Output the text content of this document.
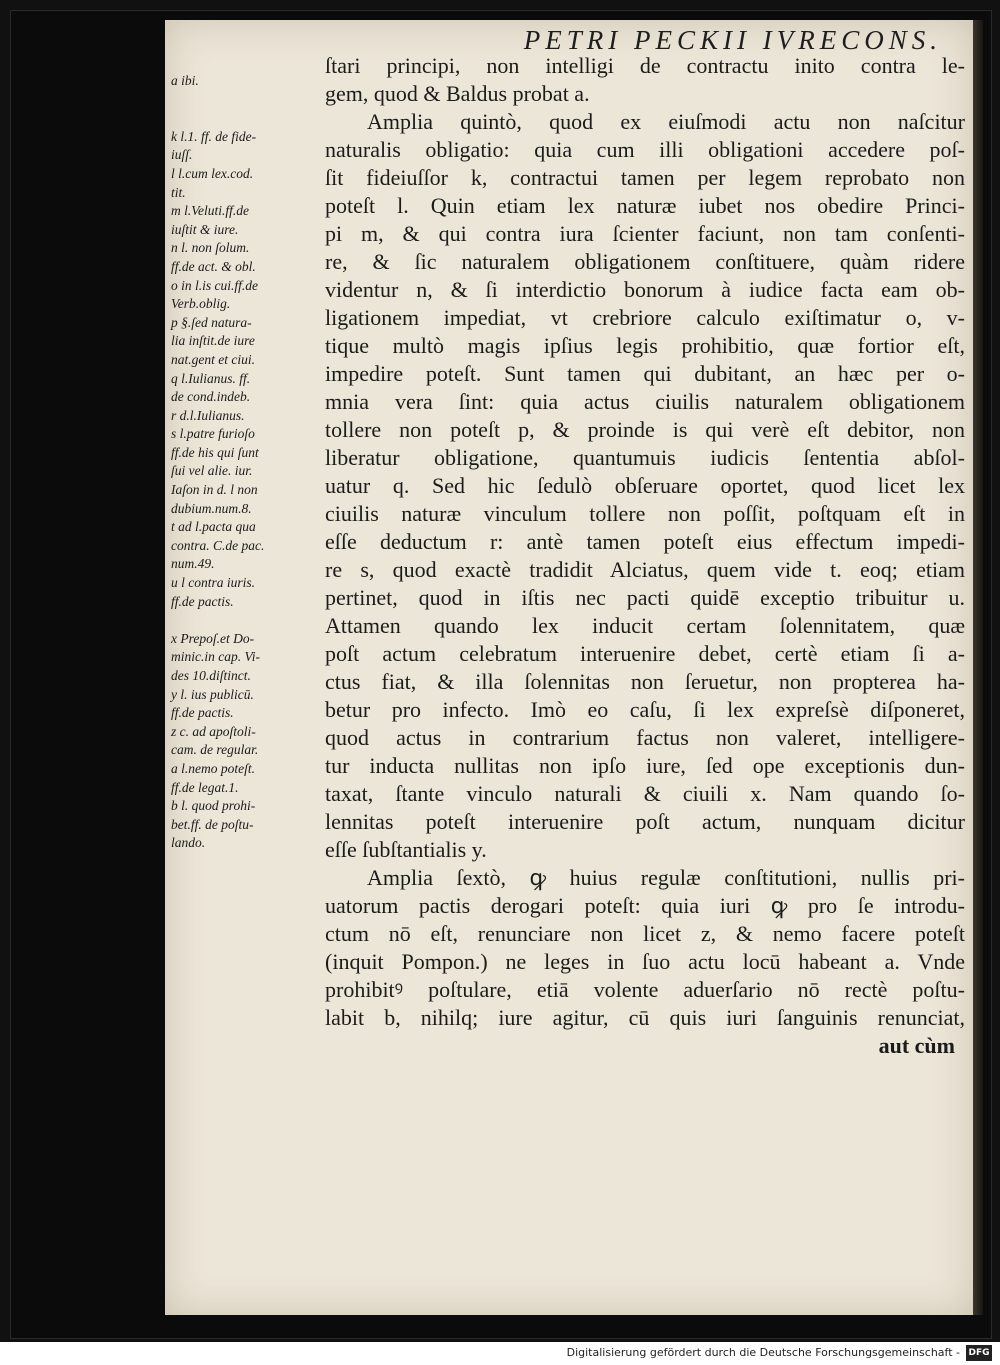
PETRI PECKII IVRECONS.
a ibi.
k l.1. ff. de fide-
iuſſ.
l l.cum lex.cod.
tit.
m l.Veluti.ff.de
iuſtit & iure.
n l. non ſolum.
ff.de act. & obl.
o in l.is cui.ff.de
Verb.oblig.
p §.ſed natura-
lia inſtit.de iure
nat.gent et ciui.
q l.Iulianus. ff.
de cond.indeb.
r d.l.Iulianus.
s l.patre furioſo
ff.de his qui ſunt
ſui vel alie. iur.
Iaſon in d. l non
dubium.num.8.
t ad l.pacta qua
contra. C.de pac.
num.49.
u l contra iuris.
ff.de pactis.
x Prepoſ.et Do-
minic.in cap. Vi-
des 10.diſtinct.
y l. ius publicū.
ff.de pactis.
z c. ad apoſtoli-
cam. de regular.
a l.nemo poteſt.
ff.de legat.1.
b l. quod prohi-
bet.ff. de poſtu-
lando.
ſtari principi, non intelligi de contractu inito contra le-
gem, quod & Baldus probat a.
Amplia quintò, quod ex eiuſmodi actu non naſcitur
naturalis obligatio: quia cum illi obligationi accedere poſ-
ſit fideiuſſor k, contractui tamen per legem reprobato non
poteſt l. Quin etiam lex naturæ iubet nos obedire Princi-
pi m, & qui contra iura ſcienter faciunt, non tam conſenti-
re, & ſic naturalem obligationem conſtituere, quàm ridere
videntur n, & ſi interdictio bonorum à iudice facta eam ob-
ligationem impediat, vt crebriore calculo exiſtimatur o, v-
tique multò magis ipſius legis prohibitio, quæ fortior eſt,
impedire poteſt. Sunt tamen qui dubitant, an hæc per o-
mnia vera ſint: quia actus ciuilis naturalem obligationem
tollere non poteſt p, & proinde is qui verè eſt debitor, non
liberatur obligatione, quantumuis iudicis ſententia abſol-
uatur q. Sed hic ſedulò obſeruare oportet, quod licet lex
ciuilis naturæ vinculum tollere non poſſit, poſtquam eſt in
eſſe deductum r: antè tamen poteſt eius effectum impedi-
re s, quod exactè tradidit Alciatus, quem vide t. eoq; etiam
pertinet, quod in iſtis nec pacti quidē exceptio tribuitur u.
Attamen quando lex inducit certam ſolennitatem, quæ
poſt actum celebratum interuenire debet, certè etiam ſi a-
ctus fiat, & illa ſolennitas non ſeruetur, non propterea ha-
betur pro infecto. Imò eo caſu, ſi lex expreſsè diſponeret,
quod actus in contrarium factus non valeret, intelligere-
tur inducta nullitas non ipſo iure, ſed ope exceptionis dun-
taxat, ſtante vinculo naturali & ciuili x. Nam quando ſo-
lennitas poteſt interuenire poſt actum, nunquam dicitur
eſſe ſubſtantialis y.
Amplia ſextò, ꝙ huius regulæ conſtitutioni, nullis pri-
uatorum pactis derogari poteſt: quia iuri ꝙ pro ſe introdu-
ctum nō eſt, renunciare non licet z, & nemo facere poteſt
(inquit Pompon.) ne leges in ſuo actu locū habeant a. Vnde
prohibitꝰ poſtulare, etiā volente aduerſario nō rectè poſtu-
labit b, nihilq; iure agitur, cū quis iuri ſanguinis renunciat,
aut cùm
Digitalisierung gefördert durch die Deutsche Forschungsgemeinschaft - DFG
